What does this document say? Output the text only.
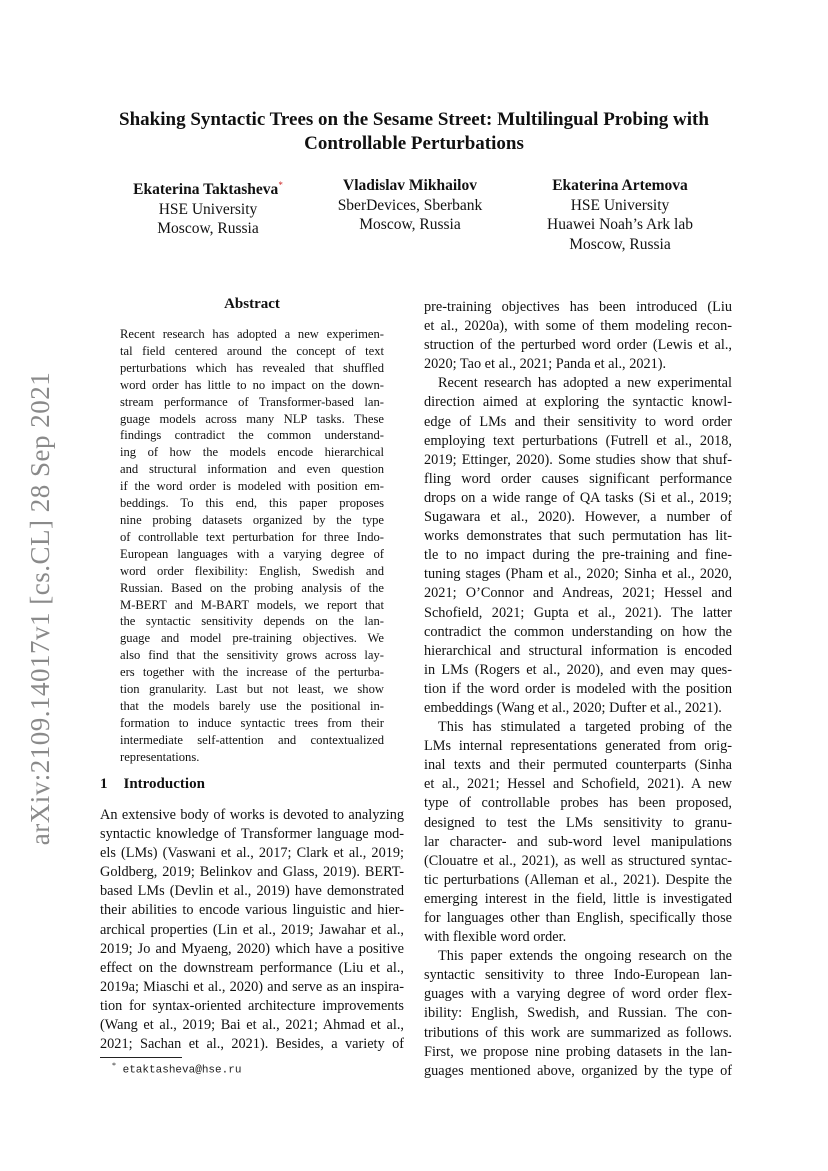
arXiv:2109.14017v1 [cs.CL] 28 Sep 2021
Shaking Syntactic Trees on the Sesame Street: Multilingual Probing with
Controllable Perturbations
Ekaterina Taktasheva*
HSE University
Moscow, Russia
Vladislav Mikhailov
SberDevices, Sberbank
Moscow, Russia
Ekaterina Artemova
HSE University
Huawei Noah’s Ark lab
Moscow, Russia
Abstract
Recent research has adopted a new experimen-
tal field centered around the concept of text
perturbations which has revealed that shuffled
word order has little to no impact on the down-
stream performance of Transformer-based lan-
guage models across many NLP tasks. These
findings contradict the common understand-
ing of how the models encode hierarchical
and structural information and even question
if the word order is modeled with position em-
beddings. To this end, this paper proposes
nine probing datasets organized by the type
of controllable text perturbation for three Indo-
European languages with a varying degree of
word order flexibility: English, Swedish and
Russian. Based on the probing analysis of the
M-BERT and M-BART models, we report that
the syntactic sensitivity depends on the lan-
guage and model pre-training objectives. We
also find that the sensitivity grows across lay-
ers together with the increase of the perturba-
tion granularity. Last but not least, we show
that the models barely use the positional in-
formation to induce syntactic trees from their
intermediate self-attention and contextualized
representations.
1 Introduction
An extensive body of works is devoted to analyzing
syntactic knowledge of Transformer language mod-
els (LMs) (Vaswani et al., 2017; Clark et al., 2019;
Goldberg, 2019; Belinkov and Glass, 2019). BERT-
based LMs (Devlin et al., 2019) have demonstrated
their abilities to encode various linguistic and hier-
archical properties (Lin et al., 2019; Jawahar et al.,
2019; Jo and Myaeng, 2020) which have a positive
effect on the downstream performance (Liu et al.,
2019a; Miaschi et al., 2020) and serve as an inspira-
tion for syntax-oriented architecture improvements
(Wang et al., 2019; Bai et al., 2021; Ahmad et al.,
2021; Sachan et al., 2021). Besides, a variety of
pre-training objectives has been introduced (Liu
et al., 2020a), with some of them modeling recon-
struction of the perturbed word order (Lewis et al.,
2020; Tao et al., 2021; Panda et al., 2021).
Recent research has adopted a new experimental
direction aimed at exploring the syntactic knowl-
edge of LMs and their sensitivity to word order
employing text perturbations (Futrell et al., 2018,
2019; Ettinger, 2020). Some studies show that shuf-
fling word order causes significant performance
drops on a wide range of QA tasks (Si et al., 2019;
Sugawara et al., 2020). However, a number of
works demonstrates that such permutation has lit-
tle to no impact during the pre-training and fine-
tuning stages (Pham et al., 2020; Sinha et al., 2020,
2021; O’Connor and Andreas, 2021; Hessel and
Schofield, 2021; Gupta et al., 2021). The latter
contradict the common understanding on how the
hierarchical and structural information is encoded
in LMs (Rogers et al., 2020), and even may ques-
tion if the word order is modeled with the position
embeddings (Wang et al., 2020; Dufter et al., 2021).
This has stimulated a targeted probing of the
LMs internal representations generated from orig-
inal texts and their permuted counterparts (Sinha
et al., 2021; Hessel and Schofield, 2021). A new
type of controllable probes has been proposed,
designed to test the LMs sensitivity to granu-
lar character- and sub-word level manipulations
(Clouatre et al., 2021), as well as structured syntac-
tic perturbations (Alleman et al., 2021). Despite the
emerging interest in the field, little is investigated
for languages other than English, specifically those
with flexible word order.
This paper extends the ongoing research on the
syntactic sensitivity to three Indo-European lan-
guages with a varying degree of word order flex-
ibility: English, Swedish, and Russian. The con-
tributions of this work are summarized as follows.
First, we propose nine probing datasets in the lan-
guages mentioned above, organized by the type of
* etaktasheva@hse.ru
